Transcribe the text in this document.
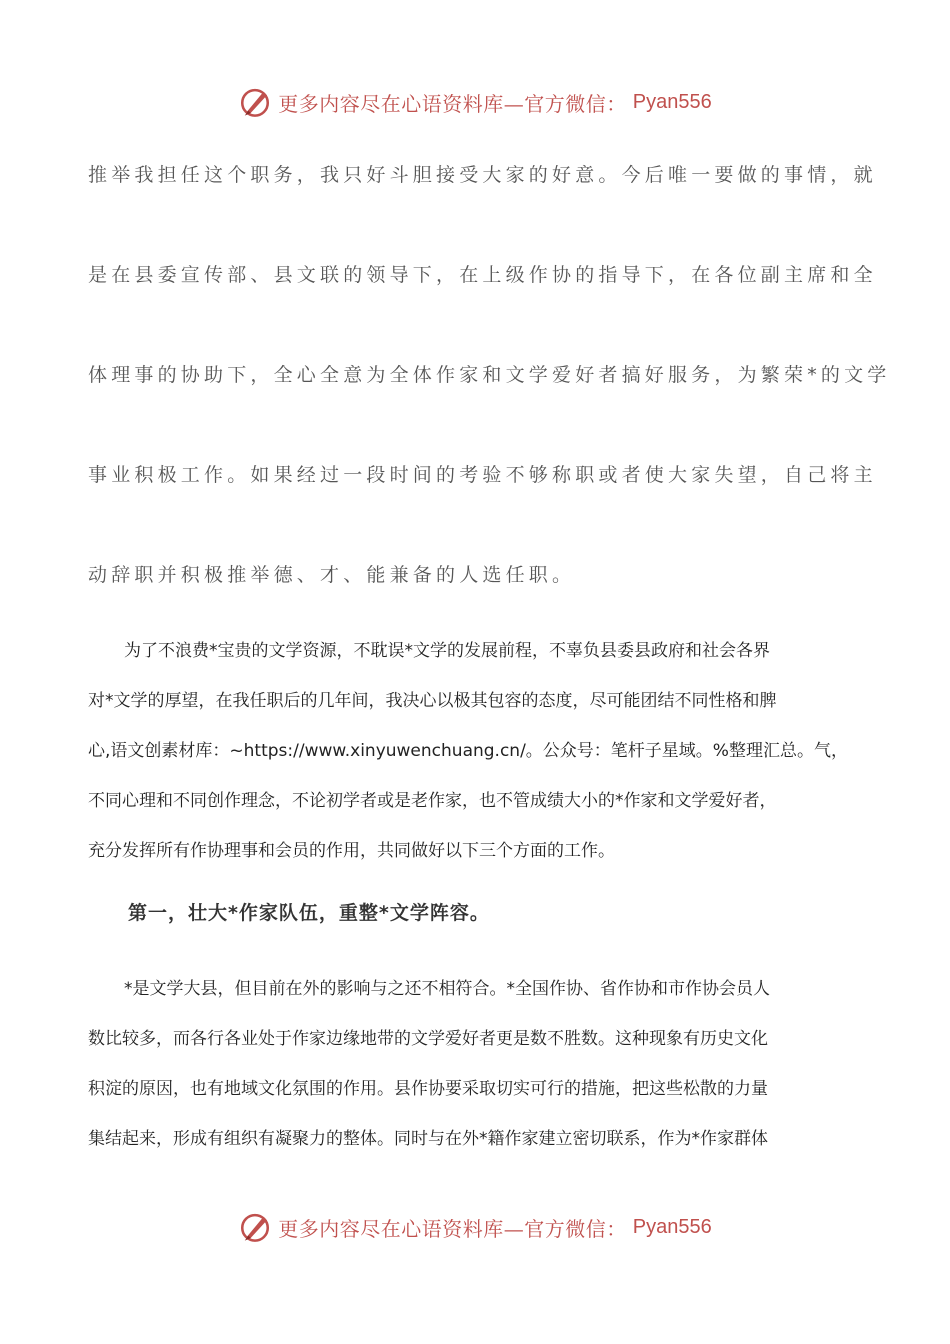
更多内容尽在心语资料库—官方微信： Pyan556

推举我担任这个职务，我只好斗胆接受大家的好意。今后唯一要做的事情，就

是在县委宣传部、县文联的领导下，在上级作协的指导下，在各位副主席和全

体理事的协助下，全心全意为全体作家和文学爱好者搞好服务，为繁荣*的文学

事业积极工作。如果经过一段时间的考验不够称职或者使大家失望，自己将主

动辞职并积极推举德、才、能兼备的人选任职。

为了不浪费*宝贵的文学资源，不耽误*文学的发展前程，不辜负县委县政府和社会各界
对*文学的厚望，在我任职后的几年间，我决心以极其包容的态度，尽可能团结不同性格和脾
心,语文创素材库：~https://www.xinyuwenchuang.cn/。公众号：笔杆子星域。%整理汇总。气，
不同心理和不同创作理念，不论初学者或是老作家，也不管成绩大小的*作家和文学爱好者，
充分发挥所有作协理事和会员的作用，共同做好以下三个方面的工作。
第一，壮大*作家队伍，重整*文学阵容。
*是文学大县，但目前在外的影响与之还不相符合。*全国作协、省作协和市作协会员人
数比较多，而各行各业处于作家边缘地带的文学爱好者更是数不胜数。这种现象有历史文化
积淀的原因，也有地域文化氛围的作用。县作协要采取切实可行的措施，把这些松散的力量
集结起来，形成有组织有凝聚力的整体。同时与在外*籍作家建立密切联系，作为*作家群体
更多内容尽在心语资料库—官方微信： Pyan556
